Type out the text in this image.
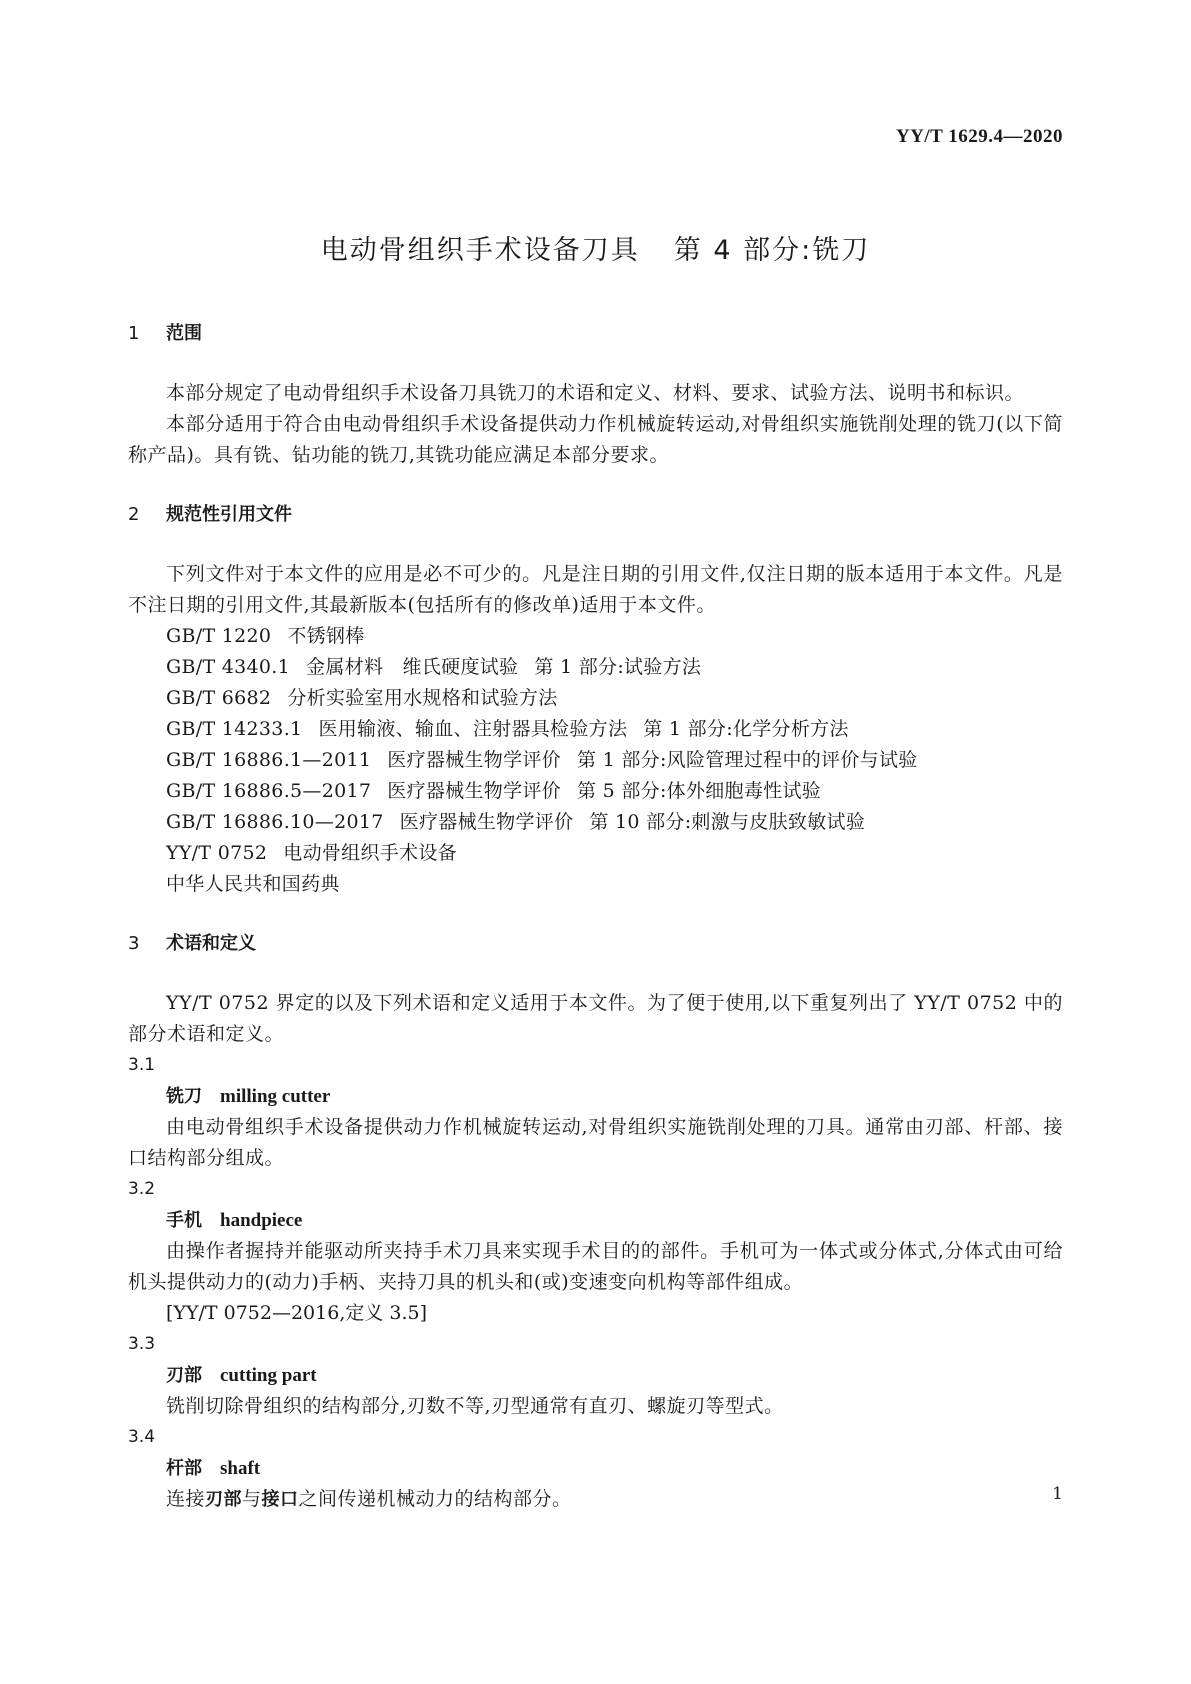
YY/T 1629.4—2020
电动骨组织手术设备刀具 第 4 部分:铣刀
1 范围

本部分规定了电动骨组织手术设备刀具铣刀的术语和定义、材料、要求、试验方法、说明书和标识。

本部分适用于符合由电动骨组织手术设备提供动力作机械旋转运动,对骨组织实施铣削处理的铣刀(以下简称产品)。具有铣、钻功能的铣刀,其铣功能应满足本部分要求。

2 规范性引用文件

下列文件对于本文件的应用是必不可少的。凡是注日期的引用文件,仅注日期的版本适用于本文件。凡是不注日期的引用文件,其最新版本(包括所有的修改单)适用于本文件。

GB/T 1220 不锈钢棒
GB/T 4340.1 金属材料　维氏硬度试验 第 1 部分:试验方法
GB/T 6682 分析实验室用水规格和试验方法
GB/T 14233.1 医用输液、输血、注射器具检验方法 第 1 部分:化学分析方法
GB/T 16886.1—2011 医疗器械生物学评价 第 1 部分:风险管理过程中的评价与试验
GB/T 16886.5—2017 医疗器械生物学评价 第 5 部分:体外细胞毒性试验
GB/T 16886.10—2017 医疗器械生物学评价 第 10 部分:刺激与皮肤致敏试验
YY/T 0752 电动骨组织手术设备
中华人民共和国药典
3 术语和定义

YY/T 0752 界定的以及下列术语和定义适用于本文件。为了便于使用,以下重复列出了 YY/T 0752 中的部分术语和定义。

3.1
铣刀 milling cutter

由电动骨组织手术设备提供动力作机械旋转运动,对骨组织实施铣削处理的刀具。通常由刃部、杆部、接口结构部分组成。

3.2
手机 handpiece

由操作者握持并能驱动所夹持手术刀具来实现手术目的的部件。手机可为一体式或分体式,分体式由可给机头提供动力的(动力)手柄、夹持刀具的机头和(或)变速变向机构等部件组成。

[YY/T 0752—2016,定义 3.5]
3.3
刃部 cutting part

铣削切除骨组织的结构部分,刃数不等,刃型通常有直刃、螺旋刃等型式。

3.4
杆部 shaft

连接刃部与接口之间传递机械动力的结构部分。	1
